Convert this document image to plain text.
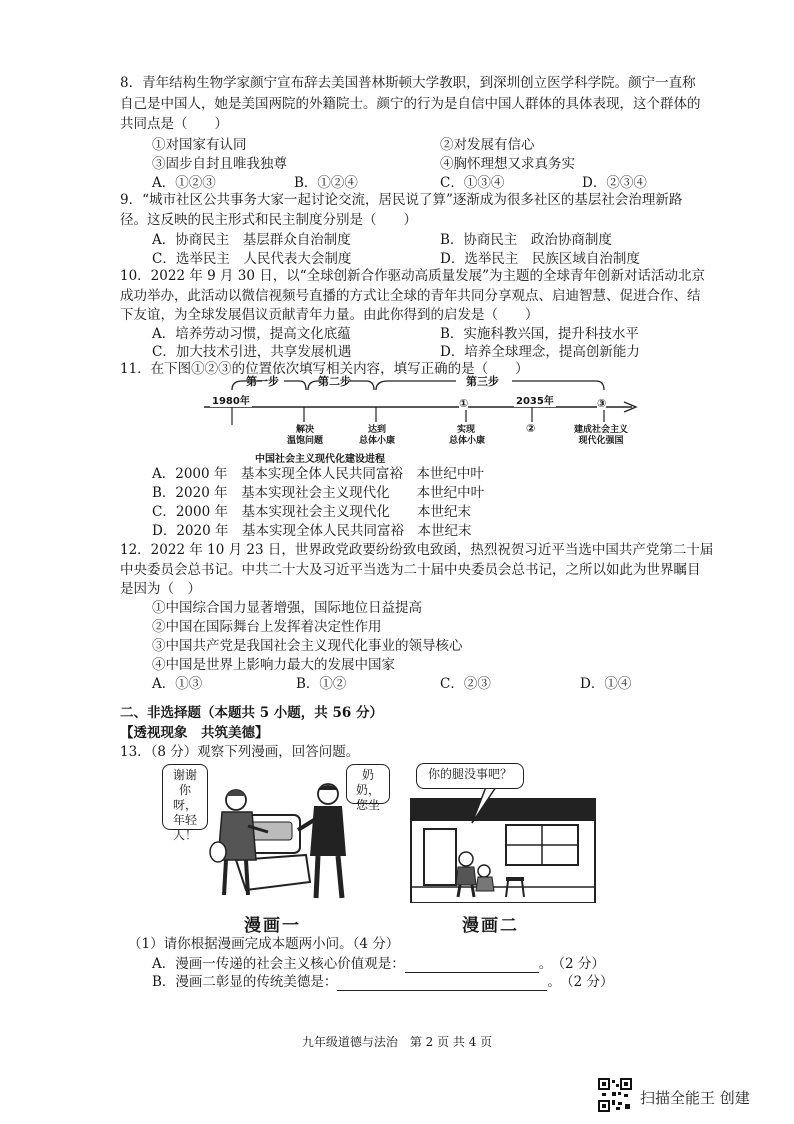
8．青年结构生物学家颜宁宣布辞去美国普林斯顿大学教职，到深圳创立医学科学院。颜宁一直称
自己是中国人，她是美国两院的外籍院士。颜宁的行为是自信中国人群体的具体表现，这个群体的
共同点是（　　）
①对国家有认同	②对发展有信心
③固步自封且唯我独尊	④胸怀理想又求真务实
A．①②③	B．①②④	C．①③④	D．②③④
9．“城市社区公共事务大家一起讨论交流，居民说了算”逐渐成为很多社区的基层社会治理新路
径。这反映的民主形式和民主制度分别是（　　）
A．协商民主　基层群众自治制度	B．协商民主　政治协商制度
C．选举民主　人民代表大会制度	D．选举民主　民族区域自治制度
10．2022 年 9 月 30 日，以“全球创新合作驱动高质量发展”为主题的全球青年创新对话活动北京
成功举办，此活动以微信视频号直播的方式让全球的青年共同分享观点、启迪智慧、促进合作、结
下友谊，为全球发展倡议贡献青年力量。由此你得到的启发是（　　）
A．培养劳动习惯，提高文化底蕴	B．实施科教兴国，提升科技水平
C．加大技术引进，共享发展机遇	D．培养全球理念，提高创新能力
11．在下图①②③的位置依次填写相关内容，填写正确的是（　　）
第一步	第二步	第三步
1980年	2035年
①
②
③
解决
温饱问题
达到
总体小康
实现
总体小康
建成社会主义
现代化强国
中国社会主义现代化建设进程
A．2000 年　基本实现全体人民共同富裕　本世纪中叶
B．2020 年　基本实现社会主义现代化　　本世纪中叶
C．2000 年　基本实现社会主义现代化　　本世纪末
D．2020 年　基本实现全体人民共同富裕　本世纪末
12．2022 年 10 月 23 日，世界政党政要纷纷致电致函，热烈祝贺习近平当选中国共产党第二十届
中央委员会总书记。中共二十大及习近平当选为二十届中央委员会总书记，之所以如此为世界瞩目
是因为（　）
①中国综合国力显著增强，国际地位日益提高
②中国在国际舞台上发挥着决定性作用
③中国共产党是我国社会主义现代化事业的领导核心
④中国是世界上影响力最大的发展中国家
A．①③	B．①②	C．②③	D．①④
二、非选择题（本题共 5 小题，共 56 分）
【透视现象　共筑美德】
13．（8 分）观察下列漫画，回答问题。
谢谢你呀，年轻人！
奶奶，您坐
漫画一
你的腿没事吧？
漫画二
（1）请你根据漫画完成本题两小问。（4 分）
A．漫画一传递的社会主义核心价值观是：	。 （2 分）
B．漫画二彰显的传统美德是：	。 （2 分）
九年级道德与法治　第 2 页 共 4 页
扫描全能王 创建
